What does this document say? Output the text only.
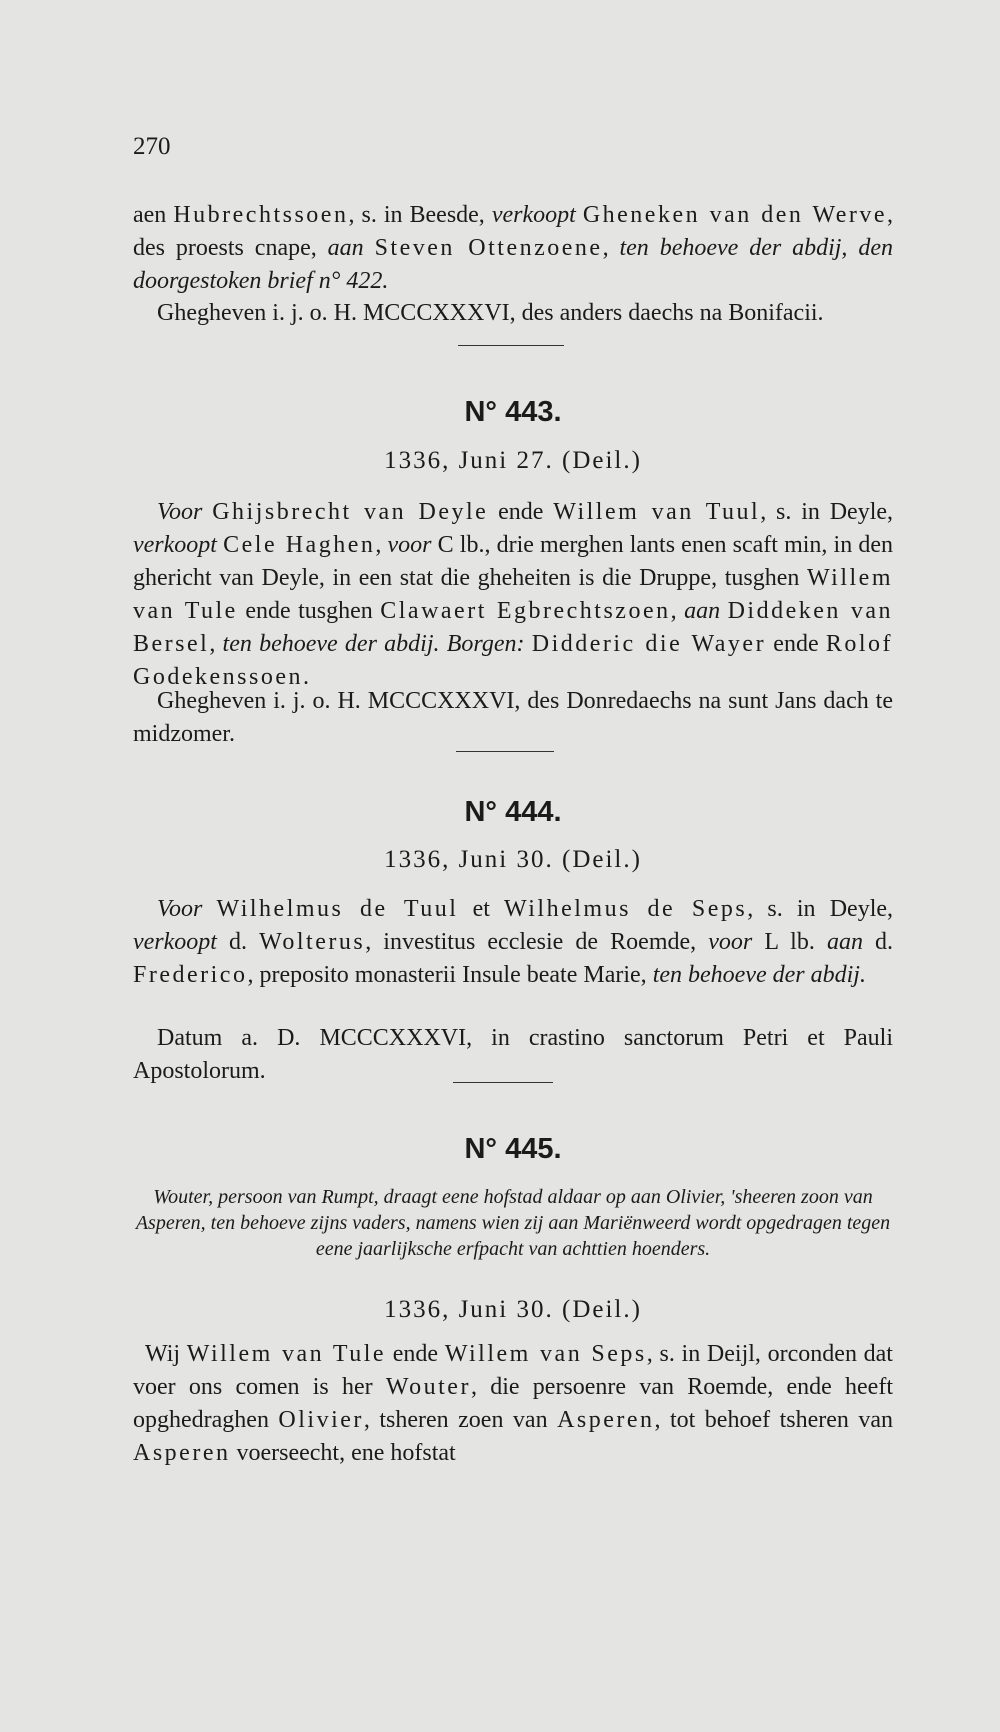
270

aen Hubrechtssoen, s. in Beesde, verkoopt Gheneken van den Werve, des proests cnape, aan Steven Ottenzoene, ten behoeve der abdij, den doorgestoken brief n° 422.

Ghegheven i. j. o. H. MCCCXXXVI, des anders daechs na Bonifacii.

N° 443.
1336, Juni 27. (Deil.)

Voor Ghijsbrecht van Deyle ende Willem van Tuul, s. in Deyle, verkoopt Cele Haghen, voor C lb., drie merghen lants enen scaft min, in den ghericht van Deyle, in een stat die gheheiten is die Druppe, tusghen Willem van Tule ende tusghen Clawaert Egbrechtszoen, aan Diddeken van Bersel, ten behoeve der abdij. Borgen: Didderic die Wayer ende Rolof Godekenssoen.

Ghegheven i. j. o. H. MCCCXXXVI, des Donredaechs na sunt Jans dach te midzomer.

N° 444.
1336, Juni 30. (Deil.)

Voor Wilhelmus de Tuul et Wilhelmus de Seps, s. in Deyle, verkoopt d. Wolterus, investitus ecclesie de Roemde, voor L lb. aan d. Frederico, preposito monasterii Insule beate Marie, ten behoeve der abdij.

Datum a. D. MCCCXXXVI, in crastino sanctorum Petri et Pauli Apostolorum.

N° 445.
Wouter, persoon van Rumpt, draagt eene hofstad aldaar op aan Olivier, 'sheeren zoon van Asperen, ten behoeve zijns vaders, namens wien zij aan Mariënweerd wordt opgedragen tegen eene jaarlijksche erfpacht van achttien hoenders.
1336, Juni 30. (Deil.)

Wij Willem van Tule ende Willem van Seps, s. in Deijl, orconden dat voer ons comen is her Wouter, die persoenre van Roemde, ende heeft opghedraghen Olivier, tsheren zoen van Asperen, tot behoef tsheren van Asperen voerseecht, ene hofstat
